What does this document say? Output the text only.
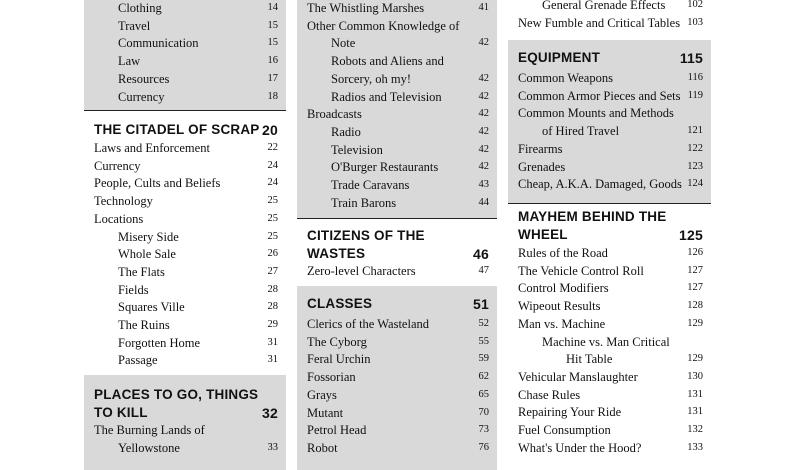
Clothing	14
Travel	15
Communication	15
Law	16
Resources	17
Currency	18
THE CITADEL OF SCRAP 20
Laws and Enforcement	22
Currency	24
People, Cults and Beliefs	24
Technology	25
Locations	25
Misery Side	25
Whole Sale	26
The Flats	27
Fields	28
Squares Ville	28
The Ruins	29
Forgotten Home	31
Passage	31
PLACES TO GO, THINGS
TO KILL	32
The Burning Lands of
Yellowstone	33
The Whistling Marshes	41
Other Common Knowledge of
Note	42
Robots and Aliens and
Sorcery, oh my!	42
Radios and Television	42
Broadcasts	42
Radio	42
Television	42
O'Burger Restaurants	42
Trade Caravans	43
Train Barons	44
CITIZENS OF THE
WASTES	46
Zero-level Characters	47
CLASSES	51
Clerics of the Wasteland	52
The Cyborg	55
Feral Urchin	59
Fossorian	62
Grays	65
Mutant	70
Petrol Head	73
Robot	76
General Grenade Effects 102
New Fumble and Critical Tables 103
EQUIPMENT	115
Common Weapons	116
Common Armor Pieces and Sets 119
Common Mounts and Methods
of Hired Travel	121
Firearms	122
Grenades	123
Cheap, A.K.A. Damaged, Goods 124
MAYHEM BEHIND THE
WHEEL	125
Rules of the Road	126
The Vehicle Control Roll	127
Control Modifiers	127
Wipeout Results	128
Man vs. Machine	129
Machine vs. Man Critical
Hit Table	129
Vehicular Manslaughter	130
Chase Rules	131
Repairing Your Ride	131
Fuel Consumption	132
What's Under the Hood?	133
